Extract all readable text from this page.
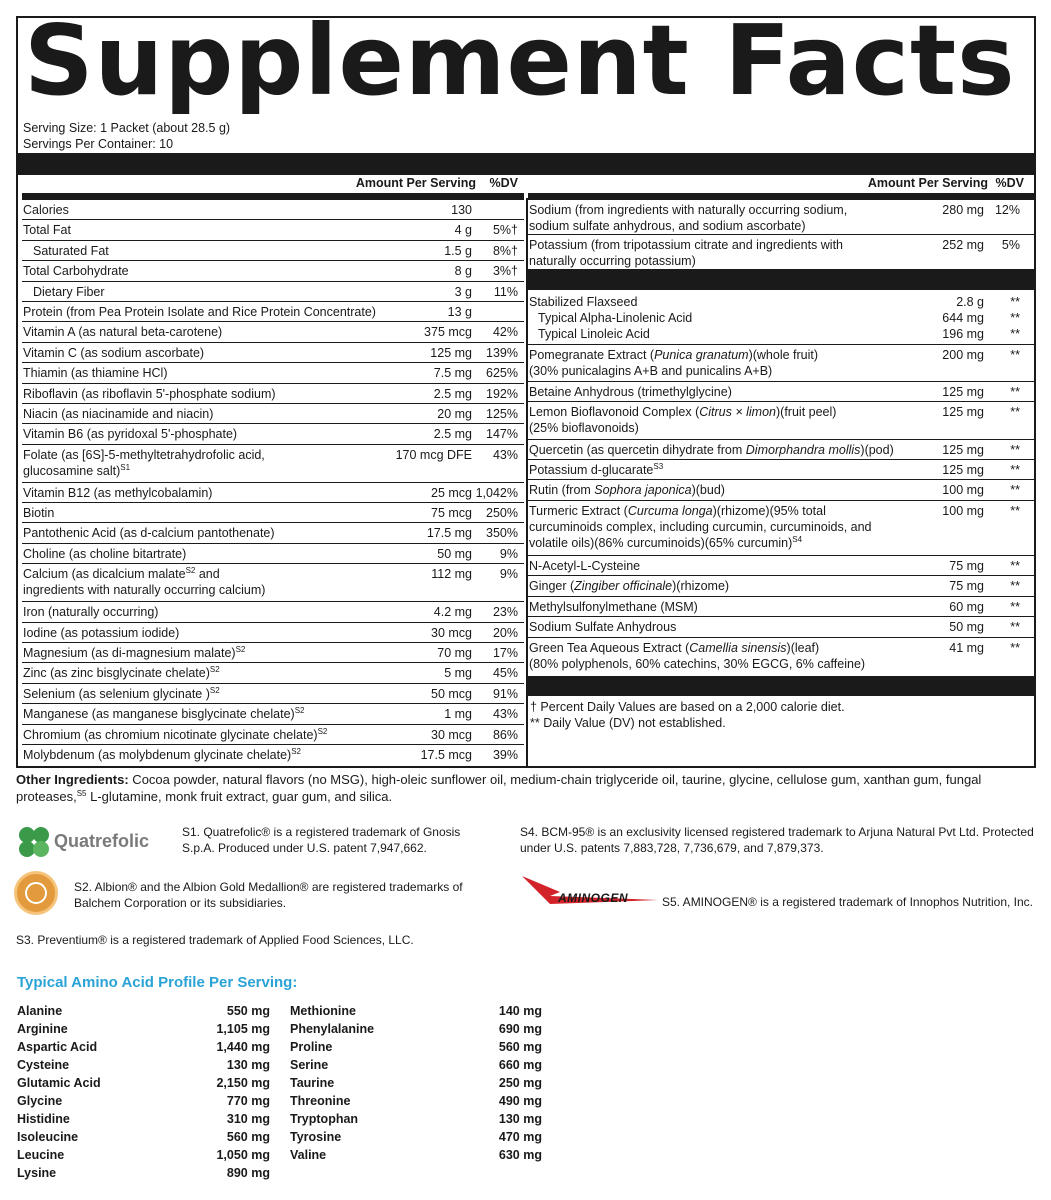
Supplement Facts
Serving Size: 1 Packet (about 28.5 g)
Servings Per Container: 10
Amount Per Serving %DV
Calories	130
Total Fat	4 g 5%†
Saturated Fat	1.5 g 8%†
Total Carbohydrate	8 g 3%†
Dietary Fiber	3 g 11%
Protein (from Pea Protein Isolate and Rice Protein Concentrate)	13 g
Vitamin A (as natural beta-carotene)	375 mcg 42%
Vitamin C (as sodium ascorbate)	125 mg 139%
Thiamin (as thiamine HCl)	7.5 mg 625%
Riboflavin (as riboflavin 5'-phosphate sodium)	2.5 mg 192%
Niacin (as niacinamide and niacin)	20 mg 125%
Vitamin B6 (as pyridoxal 5'-phosphate)	2.5 mg 147%
Folate (as [6S]-5-methyltetrahydrofolic acid,
glucosamine salt)$^{S1}$
170 mcg DFE 43%
Vitamin B12 (as methylcobalamin)	25 mcg 1,042%
Biotin	75 mcg 250%
Pantothenic Acid (as d-calcium pantothenate)	17.5 mg 350%
Choline (as choline bitartrate)	50 mg 9%
Calcium (as dicalcium malate$^{S2}$ and
ingredients with naturally occurring calcium)
112 mg 9%
Iron (naturally occurring)	4.2 mg 23%
Iodine (as potassium iodide)	30 mcg 20%
Magnesium (as di-magnesium malate)$^{S2}$	70 mg 17%
Zinc (as zinc bisglycinate chelate)$^{S2}$	5 mg 45%
Selenium (as selenium glycinate )$^{S2}$	50 mcg 91%
Manganese (as manganese bisglycinate chelate)$^{S2}$	1 mg 43%
Chromium (as chromium nicotinate glycinate chelate)$^{S2}$	30 mcg 86%
Molybdenum (as molybdenum glycinate chelate)$^{S2}$	17.5 mcg 39%
Amount Per Serving %DV
Sodium (from ingredients with naturally occurring sodium,
sodium sulfate anhydrous, and sodium ascorbate)
280 mg 12%
Potassium (from tripotassium citrate and ingredients with
naturally occurring potassium)
252 mg 5%
Stabilized Flaxseed	2.8 g **
Typical Alpha-Linolenic Acid	644 mg **
Typical Linoleic Acid	196 mg **
Pomegranate Extract (Punica granatum)(whole fruit)
(30% punicalagins A+B and punicalins A+B)
200 mg **
Betaine Anhydrous (trimethylglycine)	125 mg **
Lemon Bioflavonoid Complex (Citrus × limon)(fruit peel)
(25% bioflavonoids)
125 mg **
Quercetin (as quercetin dihydrate from Dimorphandra mollis)(pod)	125 mg **
Potassium d-glucarate$^{S3}$	125 mg **
Rutin (from Sophora japonica)(bud)	100 mg **
Turmeric Extract (Curcuma longa)(rhizome)(95% total
curcuminoids complex, including curcumin, curcuminoids, and
volatile oils)(86% curcuminoids)(65% curcumin)$^{S4}$
100 mg **
N-Acetyl-L-Cysteine	75 mg **
Ginger (Zingiber officinale)(rhizome)	75 mg **
Methylsulfonylmethane (MSM)	60 mg **
Sodium Sulfate Anhydrous	50 mg **
Green Tea Aqueous Extract (Camellia sinensis)(leaf)
(80% polyphenols, 60% catechins, 30% EGCG, 6% caffeine)
41 mg **
† Percent Daily Values are based on a 2,000 calorie diet.
** Daily Value (DV) not established.
Other Ingredients: Cocoa powder, natural flavors (no MSG), high-oleic sunflower oil, medium-chain triglyceride oil, taurine, glycine, cellulose gum, xanthan gum, fungal proteases,$^{S5}$ L-glutamine, monk fruit extract, guar gum, and silica.
Quatrefolic	S1. Quatrefolic® is a registered trademark of Gnosis
S.p.A. Produced under U.S. patent 7,947,662.
S2. Albion® and the Albion Gold Medallion® are registered trademarks of
Balchem Corporation or its subsidiaries.
S3. Preventium® is a registered trademark of Applied Food Sciences, LLC.
S4. BCM-95® is an exclusivity licensed registered trademark to Arjuna Natural Pvt Ltd. Protected
under U.S. patents 7,883,728, 7,736,679, and 7,879,373.
AMINOGEN	S5. AMINOGEN® is a registered trademark of Innophos Nutrition, Inc.
Typical Amino Acid Profile Per Serving:
Alanine	550 mg
Arginine	1,105 mg
Aspartic Acid	1,440 mg
Cysteine	130 mg
Glutamic Acid	2,150 mg
Glycine	770 mg
Histidine	310 mg
Isoleucine	560 mg
Leucine	1,050 mg
Lysine	890 mg
Methionine	140 mg
Phenylalanine	690 mg
Proline	560 mg
Serine	660 mg
Taurine	250 mg
Threonine	490 mg
Tryptophan	130 mg
Tyrosine	470 mg
Valine	630 mg
